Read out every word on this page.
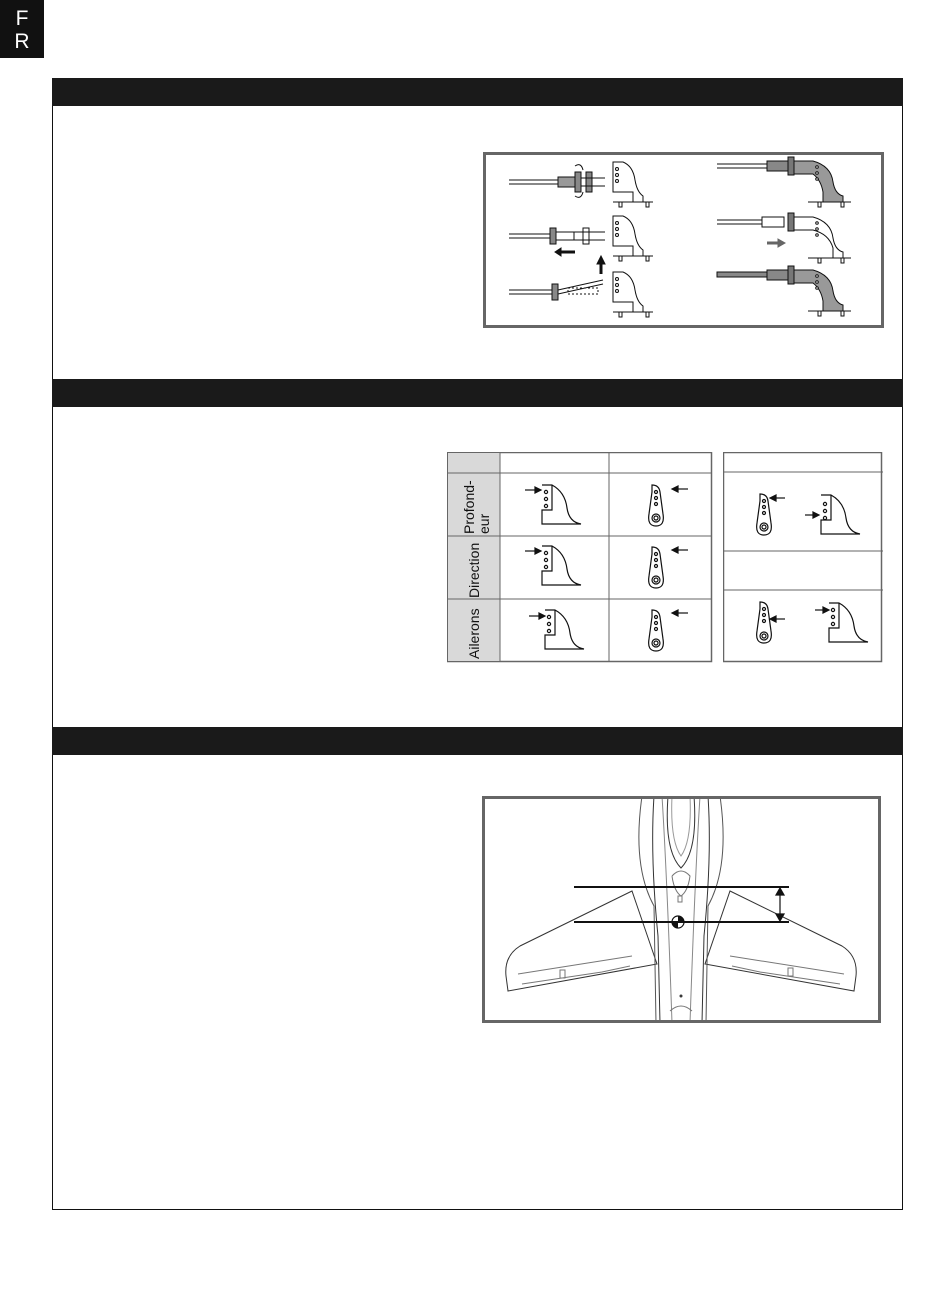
F
R
Profond- eur
Direction
Ailerons
